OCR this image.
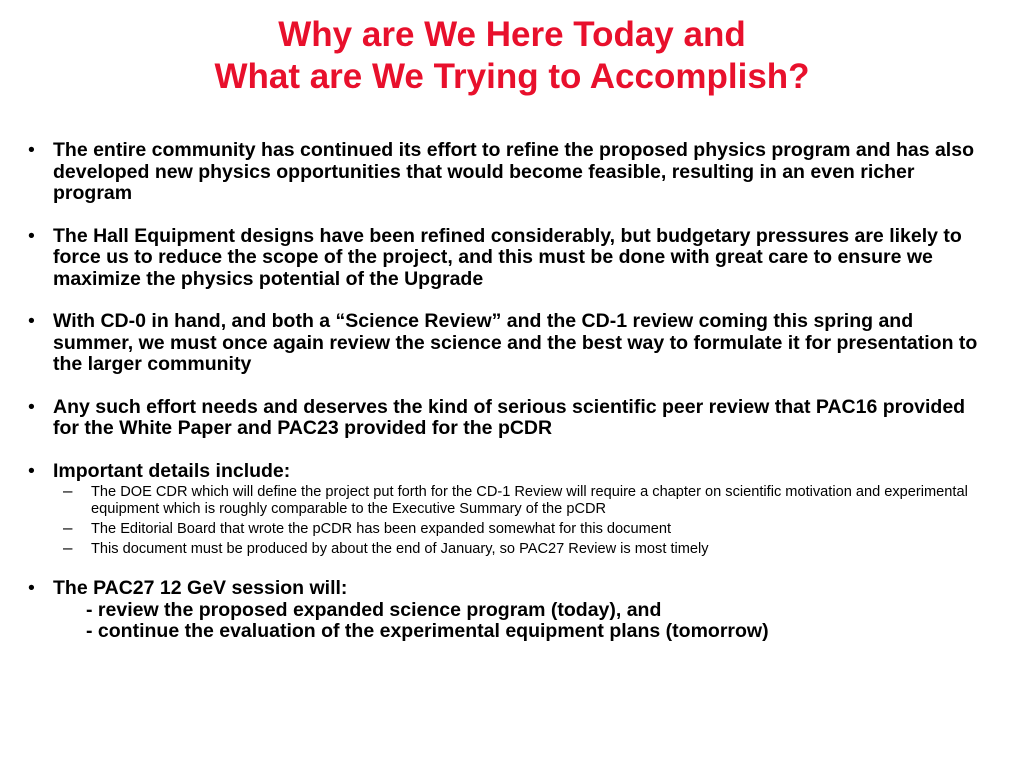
Why are We Here Today and
What are We Trying to Accomplish?
• The entire community has continued its effort to refine the proposed physics program and has also developed new physics opportunities that would become feasible, resulting in an even richer program
• The Hall Equipment designs have been refined considerably, but budgetary pressures are likely to force us to reduce the scope of the project, and this must be done with great care to ensure we maximize the physics potential of the Upgrade
• With CD-0 in hand, and both a “Science Review” and the CD-1 review coming this spring and summer, we must once again review the science and the best way to formulate it for presentation to the larger community
• Any such effort needs and deserves the kind of serious scientific peer review that PAC16 provided for the White Paper and PAC23 provided for the pCDR
• Important details include:
– The DOE CDR which will define the project put forth for the CD-1 Review will require a chapter on scientific motivation and experimental equipment which is roughly comparable to the Executive Summary of the pCDR
– The Editorial Board that wrote the pCDR has been expanded somewhat for this document
– This document must be produced by about the end of January, so PAC27 Review is most timely
• The PAC27 12 GeV session will:
- review the proposed expanded science program (today), and
- continue the evaluation of the experimental equipment plans (tomorrow)
